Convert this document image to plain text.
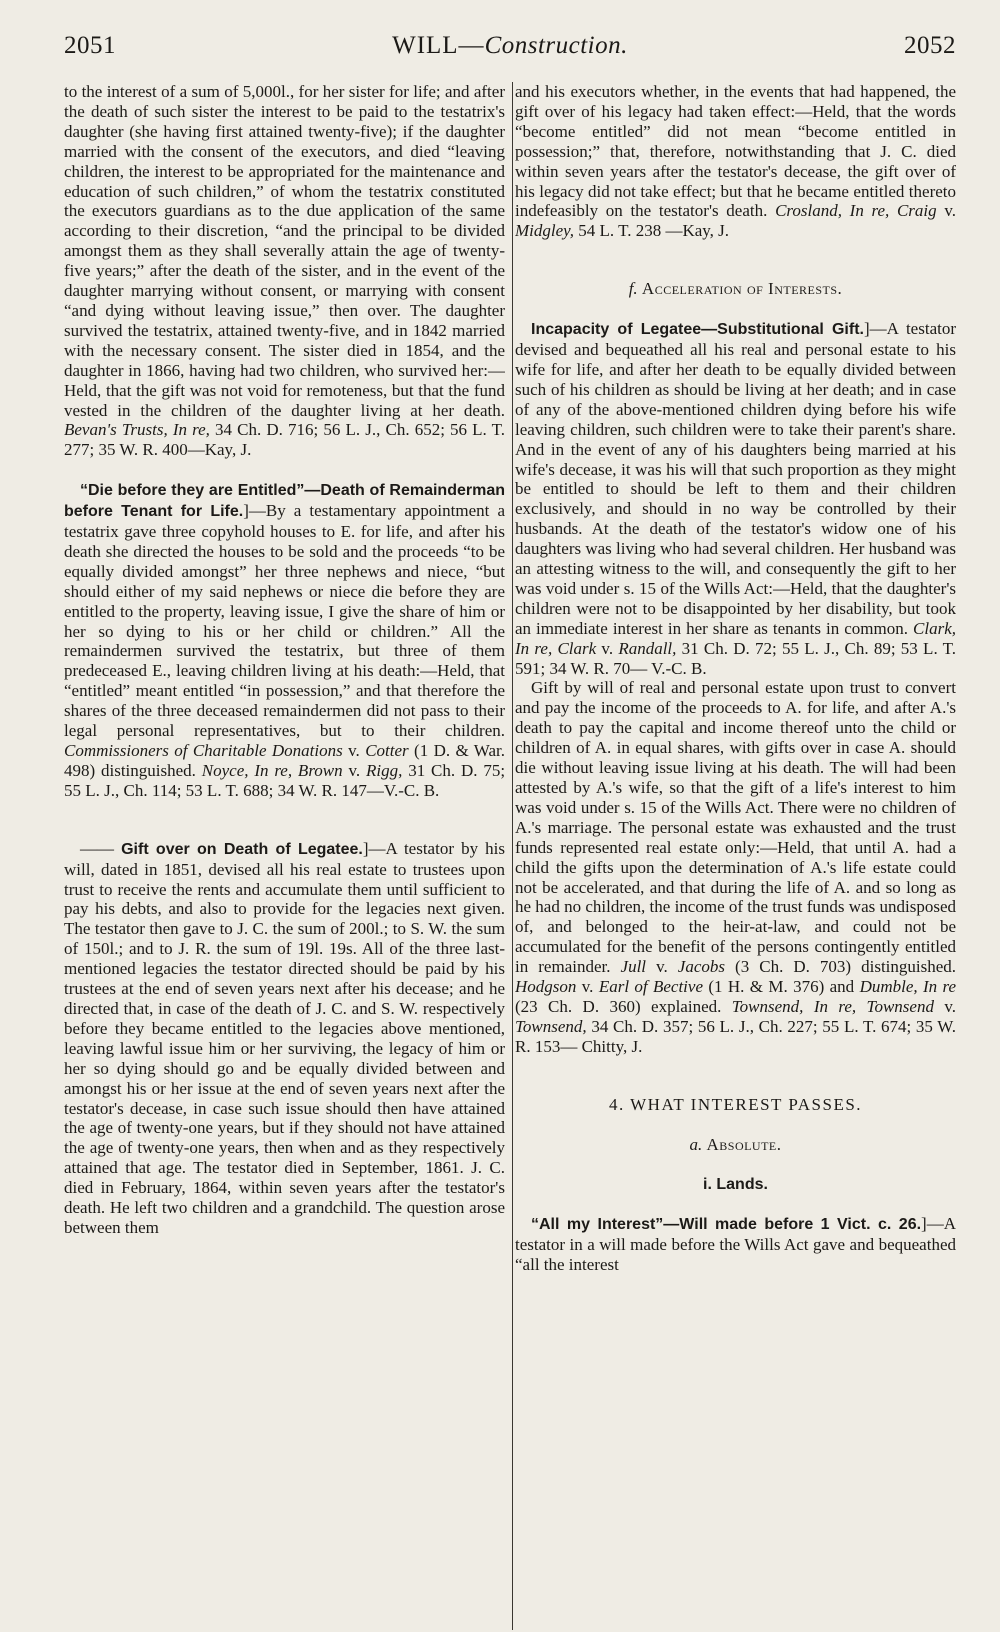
2051	WILL—Construction.	2052

to the interest of a sum of 5,000l., for her sister for life; and after the death of such sister the interest to be paid to the testatrix's daughter (she having first attained twenty-five); if the daughter married with the consent of the executors, and died “leaving children, the interest to be appropriated for the maintenance and education of such children,” of whom the testatrix constituted the executors guardians as to the due application of the same according to their discretion, “and the principal to be divided amongst them as they shall severally attain the age of twenty-five years;” after the death of the sister, and in the event of the daughter marrying without consent, or marrying with consent “and dying without leaving issue,” then over. The daughter survived the testatrix, attained twenty-five, and in 1842 married with the necessary consent. The sister died in 1854, and the daughter in 1866, having had two children, who survived her:—Held, that the gift was not void for remoteness, but that the fund vested in the children of the daughter living at her death. Bevan's Trusts, In re, 34 Ch. D. 716; 56 L. J., Ch. 652; 56 L. T. 277; 35 W. R. 400—Kay, J.

“Die before they are Entitled”—Death of Remainderman before Tenant for Life.]—By a testamentary appointment a testatrix gave three copyhold houses to E. for life, and after his death she directed the houses to be sold and the proceeds “to be equally divided amongst” her three nephews and niece, “but should either of my said nephews or niece die before they are entitled to the property, leaving issue, I give the share of him or her so dying to his or her child or children.” All the remaindermen survived the testatrix, but three of them predeceased E., leaving children living at his death:—Held, that “entitled” meant entitled “in possession,” and that therefore the shares of the three deceased remaindermen did not pass to their legal personal representatives, but to their children. Commissioners of Charitable Donations v. Cotter (1 D. & War. 498) distinguished. Noyce, In re, Brown v. Rigg, 31 Ch. D. 75; 55 L. J., Ch. 114; 53 L. T. 688; 34 W. R. 147—V.-C. B.

—— Gift over on Death of Legatee.]—A testator by his will, dated in 1851, devised all his real estate to trustees upon trust to receive the rents and accumulate them until sufficient to pay his debts, and also to provide for the legacies next given. The testator then gave to J. C. the sum of 200l.; to S. W. the sum of 150l.; and to J. R. the sum of 19l. 19s. All of the three last-mentioned legacies the testator directed should be paid by his trustees at the end of seven years next after his decease; and he directed that, in case of the death of J. C. and S. W. respectively before they became entitled to the legacies above mentioned, leaving lawful issue him or her surviving, the legacy of him or her so dying should go and be equally divided between and amongst his or her issue at the end of seven years next after the testator's decease, in case such issue should then have attained the age of twenty-one years, but if they should not have attained the age of twenty-one years, then when and as they respectively attained that age. The testator died in September, 1861. J. C. died in February, 1864, within seven years after the testator's death. He left two children and a grandchild. The question arose between them

and his executors whether, in the events that had happened, the gift over of his legacy had taken effect:—Held, that the words “become entitled” did not mean “become entitled in possession;” that, therefore, notwithstanding that J. C. died within seven years after the testator's decease, the gift over of his legacy did not take effect; but that he became entitled thereto indefeasibly on the testator's death. Crosland, In re, Craig v. Midgley, 54 L. T. 238 —Kay, J.

f. Acceleration of Interests.

Incapacity of Legatee—Substitutional Gift.]—A testator devised and bequeathed all his real and personal estate to his wife for life, and after her death to be equally divided between such of his children as should be living at her death; and in case of any of the above-mentioned children dying before his wife leaving children, such children were to take their parent's share. And in the event of any of his daughters being married at his wife's decease, it was his will that such proportion as they might be entitled to should be left to them and their children exclusively, and should in no way be controlled by their husbands. At the death of the testator's widow one of his daughters was living who had several children. Her husband was an attesting witness to the will, and consequently the gift to her was void under s. 15 of the Wills Act:—Held, that the daughter's children were not to be disappointed by her disability, but took an immediate interest in her share as tenants in common. Clark, In re, Clark v. Randall, 31 Ch. D. 72; 55 L. J., Ch. 89; 53 L. T. 591; 34 W. R. 70— V.-C. B.

Gift by will of real and personal estate upon trust to convert and pay the income of the proceeds to A. for life, and after A.'s death to pay the capital and income thereof unto the child or children of A. in equal shares, with gifts over in case A. should die without leaving issue living at his death. The will had been attested by A.'s wife, so that the gift of a life's interest to him was void under s. 15 of the Wills Act. There were no children of A.'s marriage. The personal estate was exhausted and the trust funds represented real estate only:—Held, that until A. had a child the gifts upon the determination of A.'s life estate could not be accelerated, and that during the life of A. and so long as he had no children, the income of the trust funds was undisposed of, and belonged to the heir-at-law, and could not be accumulated for the benefit of the persons contingently entitled in remainder. Jull v. Jacobs (3 Ch. D. 703) distinguished. Hodgson v. Earl of Bective (1 H. & M. 376) and Dumble, In re (23 Ch. D. 360) explained. Townsend, In re, Townsend v. Townsend, 34 Ch. D. 357; 56 L. J., Ch. 227; 55 L. T. 674; 35 W. R. 153— Chitty, J.

4. WHAT INTEREST PASSES.

a. Absolute.

i. Lands.

“All my Interest”—Will made before 1 Vict. c. 26.]—A testator in a will made before the Wills Act gave and bequeathed “all the interest
